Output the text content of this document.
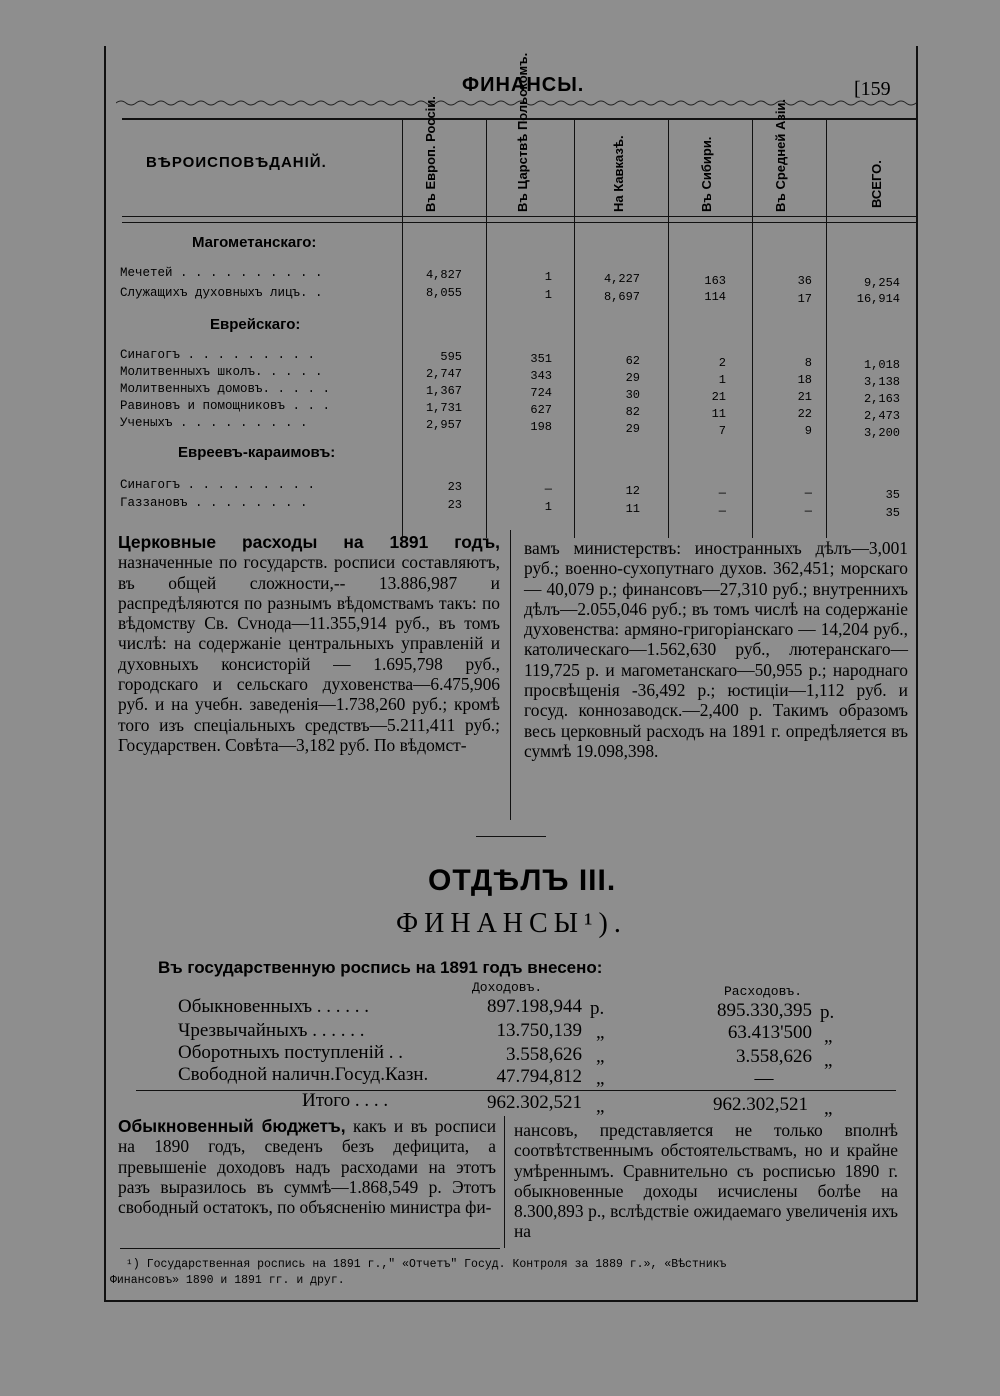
ФИНАНСЫ.	[159
ВѢРОИСПОВѢДАНIЙ.	Въ Европ. Россiи.	Въ Царствѣ Польскомъ.	На Кавказѣ.	Въ Сибири.	Въ Средней Азiи.	ВСЕГО.
Магометанскаго:
Мечетей . . . . . . . . . .	4,827	1	4,227	163	36	9,254
Служащихъ духовныхъ лицъ. .	8,055	1	8,697	114	17	16,914
Еврейскаго:
Синагогъ . . . . . . . . .	595	351	62	2	8	1,018
Молитвенныхъ школъ. . . . .	2,747	343	29	1	18	3,138
Молитвенныхъ домовъ. . . . .	1,367	724	30	21	21	2,163
Равиновъ и помощниковъ . . .	1,731	627	82	11	22	2,473
Ученыхъ . . . . . . . . .	2,957	198	29	7	9	3,200
Евреевъ-караимовъ:
Синагогъ . . . . . . . . .	23	—	12	—	—	35
Газзановъ . . . . . . . .	23	1	11	—	—	35
Церковные расходы на 1891 годъ, назначенные по государств. росписи составляютъ, въ общей сложности,-- 13.886,987 и распредѣляются по разнымъ вѣдомствамъ такъ: по вѣдомству Св. Сvнода—11.355,914 руб., въ томъ числѣ: на содержанiе центральныхъ управленiй и духовныхъ консисторiй — 1.695,798 руб., городскаго и сельскаго духовенства—6.475,906 руб. и на учебн. заведенiя—1.738,260 руб.; кромѣ того изъ спецiальныхъ средствъ—5.211,411 руб.; Государствен. Совѣта—3,182 руб. По вѣдомст-
вамъ министерствъ: иностранныхъ дѣлъ—3,001 руб.; военно-сухопутнаго духов. 362,451; морскаго — 40,079 р.; финансовъ—27,310 руб.; внутреннихъ дѣлъ—2.055,046 руб.; въ томъ числѣ на содержанiе духовенства: армяно-григорiанскаго — 14,204 руб., католическаго—1.562,630 руб., лютеранскаго—119,725 р. и магометанскаго—50,955 р.; народнаго просвѣщенiя -36,492 р.; юстицiи—1,112 руб. и госуд. коннозаводск.—2,400 р. Такимъ образомъ весь церковный расходъ на 1891 г. опредѣляется въ суммѣ 19.098,398.
ОТДѢЛЪ III.
ФИНАНСЫ¹).
Въ государственную роспись на 1891 годъ внесено:
Доходовъ.	Расходовъ.
Обыкновенныхъ . . . . . .	897.198,944 р.	895.330,395 р.
Чрезвычайныхъ . . . . . .	13.750,139 „	63.413'500 „
Оборотныхъ поступленiй . .	3.558,626 „	3.558,626 „
Свободной наличн.Госуд.Казн.	47.794,812 „	—
Итого . . . .	962.302,521 „	962.302,521 „
Обыкновенный бюджетъ, какъ и въ росписи на 1890 годъ, сведенъ безъ дефицита, а превышенiе доходовъ надъ расходами на этотъ разъ выразилось въ суммѣ—1.868,549 р. Этотъ свободный остатокъ, по объясненiю министра фи-
нансовъ, представляется не только вполнѣ соотвѣтственнымъ обстоятельствамъ, но и крайне умѣреннымъ. Сравнительно съ росписью 1890 г. обыкновенные доходы исчислены болѣе на 8.300,893 р., вслѣдствiе ожидаемаго увеличенiя ихъ на
¹) Государственная роспись на 1891 г.," «Отчетъ" Госуд. Контроля за 1889 г.», «Вѣстникъ
Финансовъ» 1890 и 1891 гг. и друг.
